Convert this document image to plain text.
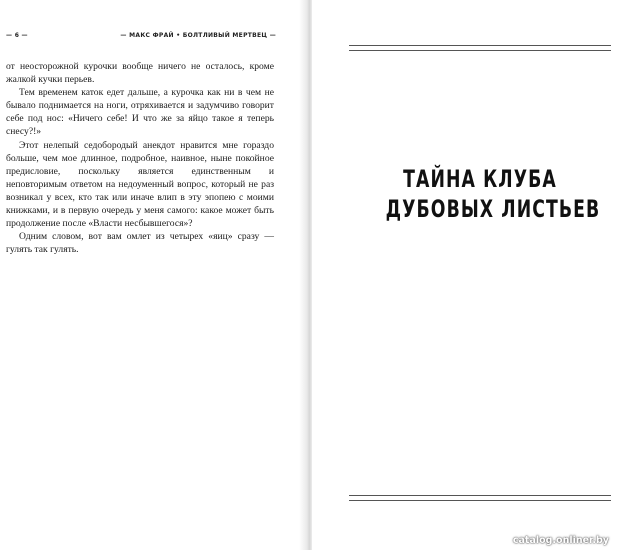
— 6 —	— МАКС ФРАЙ • БОЛТЛИВЫЙ МЕРТВЕЦ —

от неосторожной курочки вообще ничего не осталось, кроме жалкой кучки перьев.

Тем временем каток едет дальше, а курочка как ни в чем не бывало поднимается на ноги, отряхивается и задумчиво говорит себе под нос: «Ничего себе! И что же за яйцо такое я теперь снесу?!»

Этот нелепый седобородый анекдот нравится мне гораздо больше, чем мое длинное, подробное, наивное, ныне покойное предисловие, поскольку является единственным и неповторимым ответом на недоуменный вопрос, который не раз возникал у всех, кто так или иначе влип в эту эпопею с моими книжками, и в первую очередь у меня самого: какое может быть продолжение после «Власти несбывшегося»?

Одним словом, вот вам омлет из четырех «яиц» сразу — гулять так гулять.

ТАЙНА КЛУБА
ДУБОВЫХ ЛИСТЬЕВ
catalog.onliner.by
